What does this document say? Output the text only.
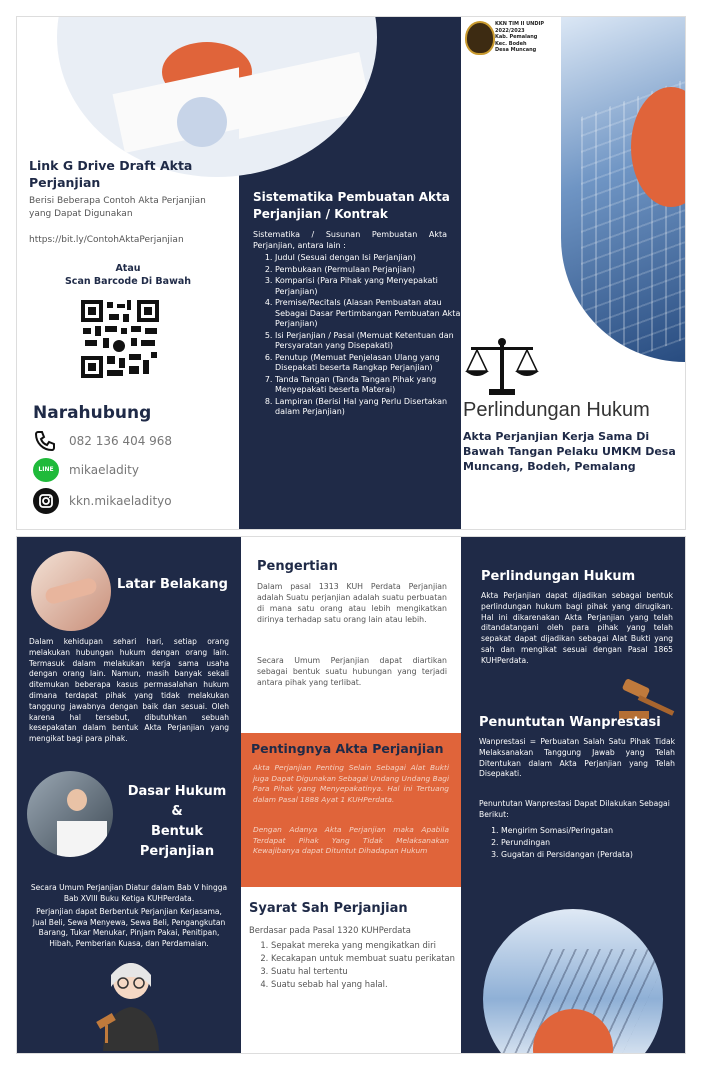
Link G Drive Draft Akta Perjanjian
Berisi Beberapa Contoh Akta Perjanjian yang Dapat Digunakan
https://bit.ly/ContohAktaPerjanjian
Atau
Scan Barcode Di Bawah
Narahubung
082 136 404 968
LINE	mikaeladity
kkn.mikaeladityo
Sistematika Pembuatan Akta Perjanjian / Kontrak
Sistematika / Susunan Pembuatan Akta Perjanjian, antara lain :
1. Judul (Sesuai dengan Isi Perjanjian)
2. Pembukaan (Permulaan Perjanjian)
3. Komparisi (Para Pihak yang Menyepakati Perjanjian)
4. Premise/Recitals (Alasan Pembuatan atau Sebagai Dasar Pertimbangan Pembuatan Akta Perjanjian)
5. Isi Perjanjian / Pasal (Memuat Ketentuan dan Persyaratan yang Disepakati)
6. Penutup (Memuat Penjelasan Ulang yang Disepakati beserta Rangkap Perjanjian)
7. Tanda Tangan (Tanda Tangan Pihak yang Menyepakati beserta Materai)
8. Lampiran (Berisi Hal yang Perlu Disertakan dalam Perjanjian)
KKN TIM II UNDIP
2022/2023
Kab. Pemalang
Kec. Bodeh
Desa Muncang
Perlindungan Hukum
Akta Perjanjian Kerja Sama Di Bawah Tangan Pelaku UMKM Desa Muncang, Bodeh, Pemalang
Latar Belakang
Dalam kehidupan sehari hari, setiap orang melakukan hubungan hukum dengan orang lain. Termasuk dalam melakukan kerja sama usaha dengan orang lain. Namun, masih banyak sekali ditemukan beberapa kasus permasalahan hukum dimana terdapat pihak yang tidak melakukan tanggung jawabnya dengan baik dan sesuai. Oleh karena hal tersebut, dibutuhkan sebuah kesepakatan dalam bentuk Akta Perjanjian yang mengikat bagi para pihak.
Dasar Hukum
&
Bentuk
Perjanjian
Secara Umum Perjanjian Diatur dalam Bab V hingga Bab XVIII Buku Ketiga KUHPerdata.
Perjanjian dapat Berbentuk Perjanjian Kerjasama, Jual Beli, Sewa Menyewa, Sewa Beli, Pengangkutan Barang, Tukar Menukar, Pinjam Pakai, Penitipan, Hibah, Pemberian Kuasa, dan Perdamaian.
Pengertian
Dalam pasal 1313 KUH Perdata Perjanjian adalah Suatu perjanjian adalah suatu perbuatan di mana satu orang atau lebih mengikatkan dirinya terhadap satu orang lain atau lebih.
Secara Umum Perjanjian dapat diartikan sebagai bentuk suatu hubungan yang terjadi antara pihak yang terlibat.
Pentingnya Akta Perjanjian
Akta Perjanjian Penting Selain Sebagai Alat Bukti juga Dapat Digunakan Sebagai Undang Undang Bagi Para Pihak yang Menyepakatinya. Hal ini Tertuang dalam Pasal 1888 Ayat 1 KUHPerdata.
Dengan Adanya Akta Perjanjian maka Apabila Terdapat Pihak Yang Tidak Melaksanakan Kewajibanya dapat Dituntut Dihadapan Hukum
Syarat Sah Perjanjian
Berdasar pada Pasal 1320 KUHPerdata
1. Sepakat mereka yang mengikatkan diri
2. Kecakapan untuk membuat suatu perikatan
3. Suatu hal tertentu
4. Suatu sebab hal yang halal.
Perlindungan Hukum
Akta Perjanjian dapat dijadikan sebagai bentuk perlindungan hukum bagi pihak yang dirugikan. Hal ini dikarenakan Akta Perjanjian yang telah ditandatangani oleh para pihak yang telah sepakat dapat dijadikan sebagai Alat Bukti yang sah dan mengikat sesuai dengan Pasal 1865 KUHPerdata.
Penuntutan Wanprestasi
Wanprestasi = Perbuatan Salah Satu Pihak Tidak Melaksanakan Tanggung Jawab yang Telah Ditentukan dalam Akta Perjanjian yang Telah Disepakati.
Penuntutan Wanprestasi Dapat Dilakukan Sebagai Berikut:
1. Mengirim Somasi/Peringatan
2. Perundingan
3. Gugatan di Persidangan (Perdata)
